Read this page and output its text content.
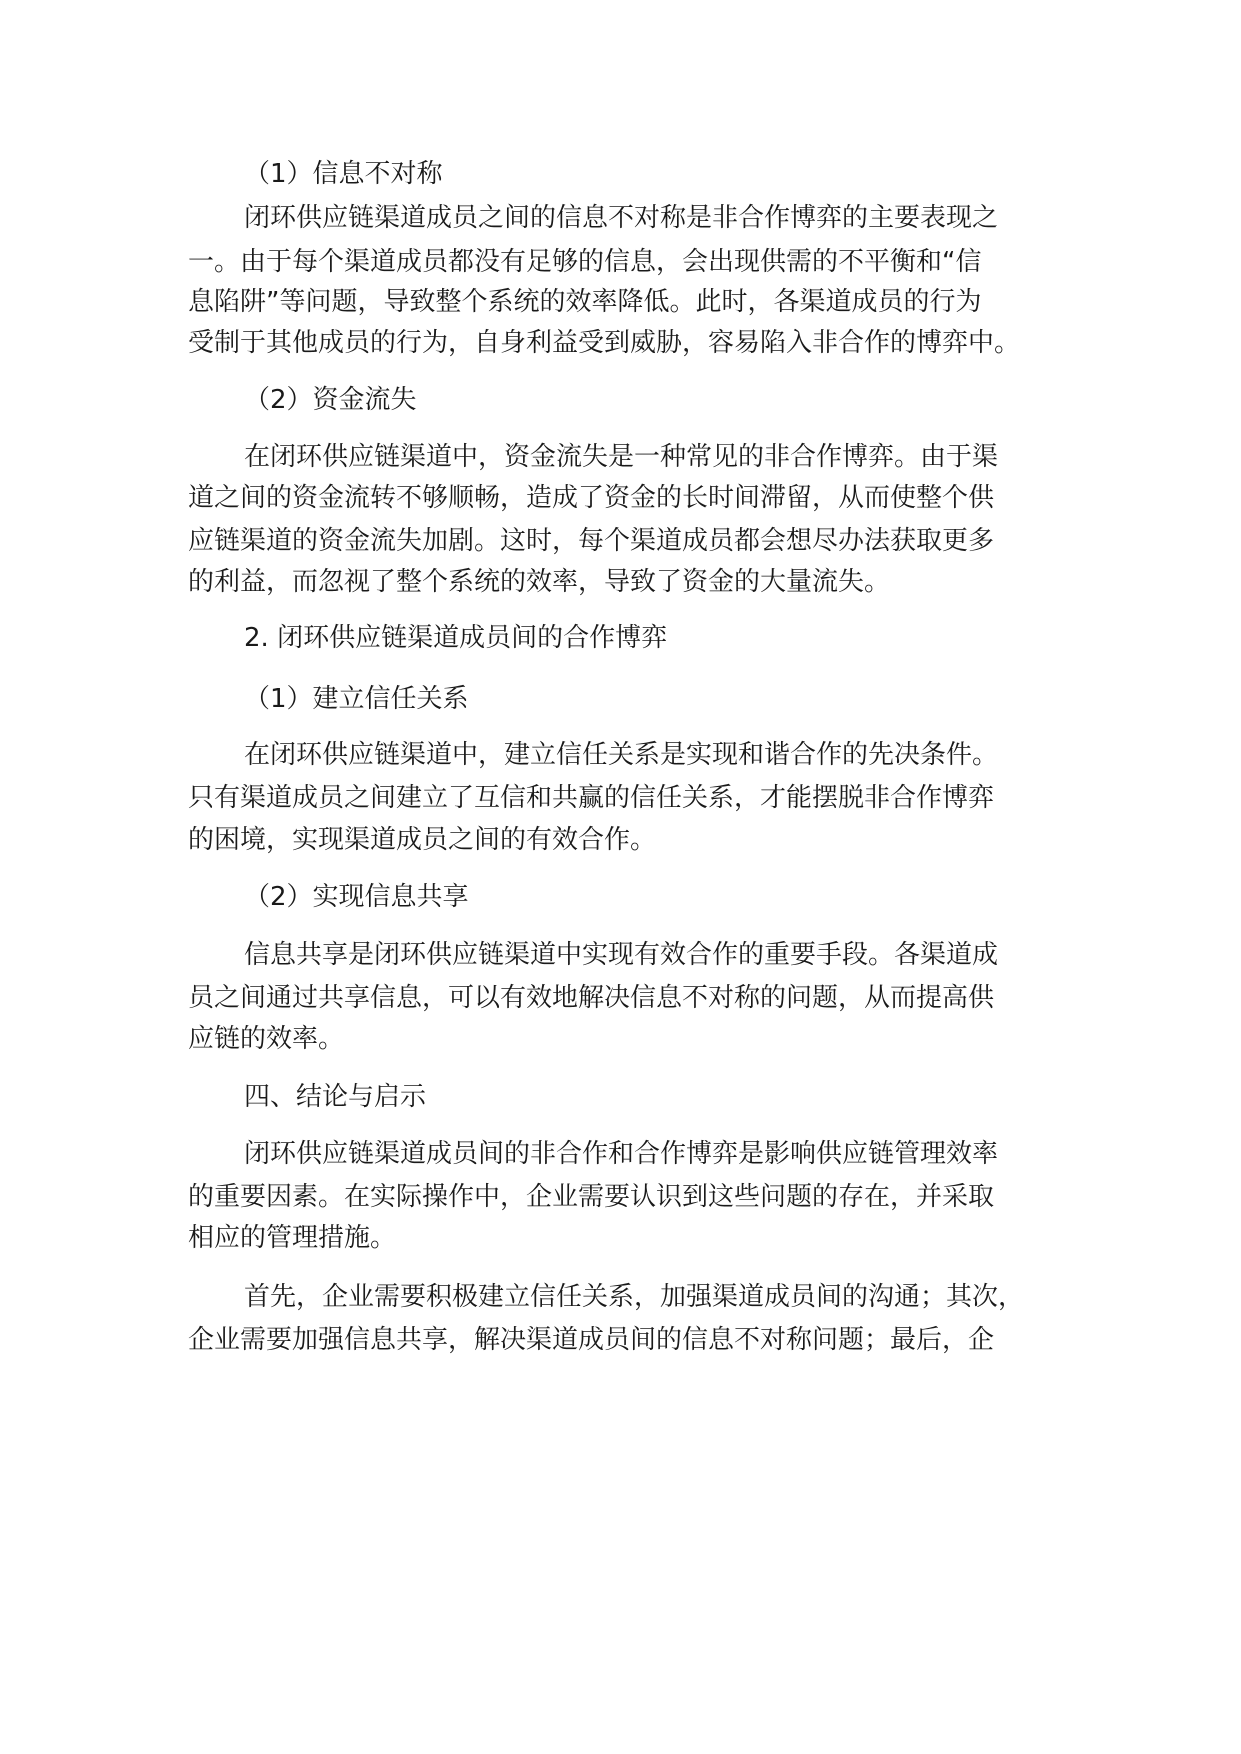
（1）信息不对称
闭环供应链渠道成员之间的信息不对称是非合作博弈的主要表现之
一。由于每个渠道成员都没有足够的信息，会出现供需的不平衡和“信
息陷阱”等问题，导致整个系统的效率降低。此时，各渠道成员的行为
受制于其他成员的行为，自身利益受到威胁，容易陷入非合作的博弈中。
（2）资金流失
在闭环供应链渠道中，资金流失是一种常见的非合作博弈。由于渠
道之间的资金流转不够顺畅，造成了资金的长时间滞留，从而使整个供
应链渠道的资金流失加剧。这时，每个渠道成员都会想尽办法获取更多
的利益，而忽视了整个系统的效率，导致了资金的大量流失。
2. 闭环供应链渠道成员间的合作博弈
（1）建立信任关系
在闭环供应链渠道中，建立信任关系是实现和谐合作的先决条件。
只有渠道成员之间建立了互信和共赢的信任关系，才能摆脱非合作博弈
的困境，实现渠道成员之间的有效合作。
（2）实现信息共享
信息共享是闭环供应链渠道中实现有效合作的重要手段。各渠道成
员之间通过共享信息，可以有效地解决信息不对称的问题，从而提高供
应链的效率。
四、结论与启示
闭环供应链渠道成员间的非合作和合作博弈是影响供应链管理效率
的重要因素。在实际操作中，企业需要认识到这些问题的存在，并采取
相应的管理措施。
首先，企业需要积极建立信任关系，加强渠道成员间的沟通；其次，
企业需要加强信息共享，解决渠道成员间的信息不对称问题；最后，企
